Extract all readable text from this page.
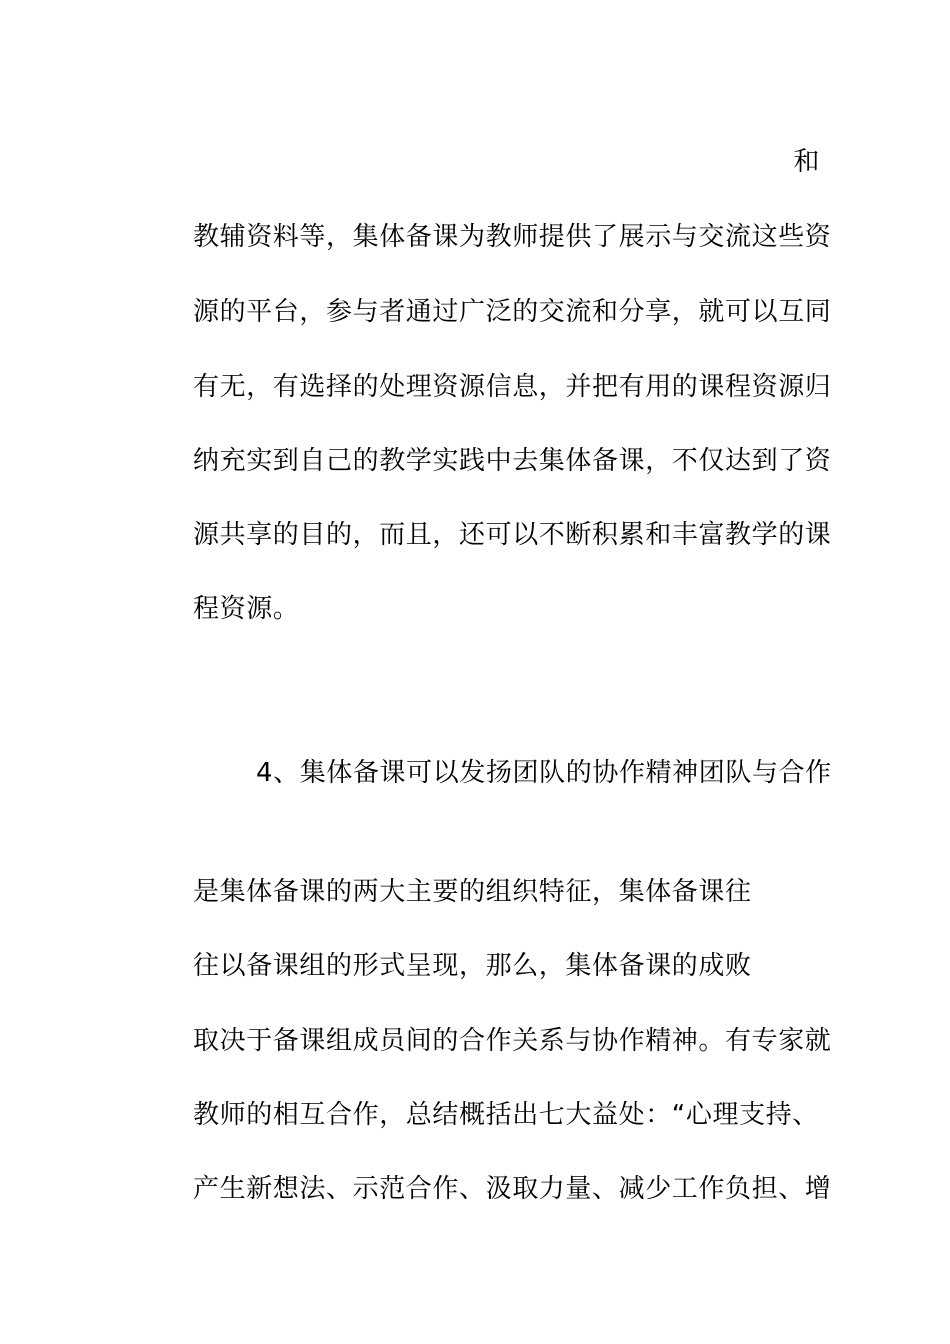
和
教辅资料等，集体备课为教师提供了展示与交流这些资
源的平台，参与者通过广泛的交流和分享，就可以互同
有无，有选择的处理资源信息，并把有用的课程资源归
纳充实到自己的教学实践中去集体备课，不仅达到了资
源共享的目的，而且，还可以不断积累和丰富教学的课
程资源。
4、集体备课可以发扬团队的协作精神团队与合作
是集体备课的两大主要的组织特征，集体备课往
往以备课组的形式呈现，那么，集体备课的成败
取决于备课组成员间的合作关系与协作精神。有专家就
教师的相互合作，总结概括出七大益处：“心理支持、
产生新想法、示范合作、汲取力量、减少工作负担、增
